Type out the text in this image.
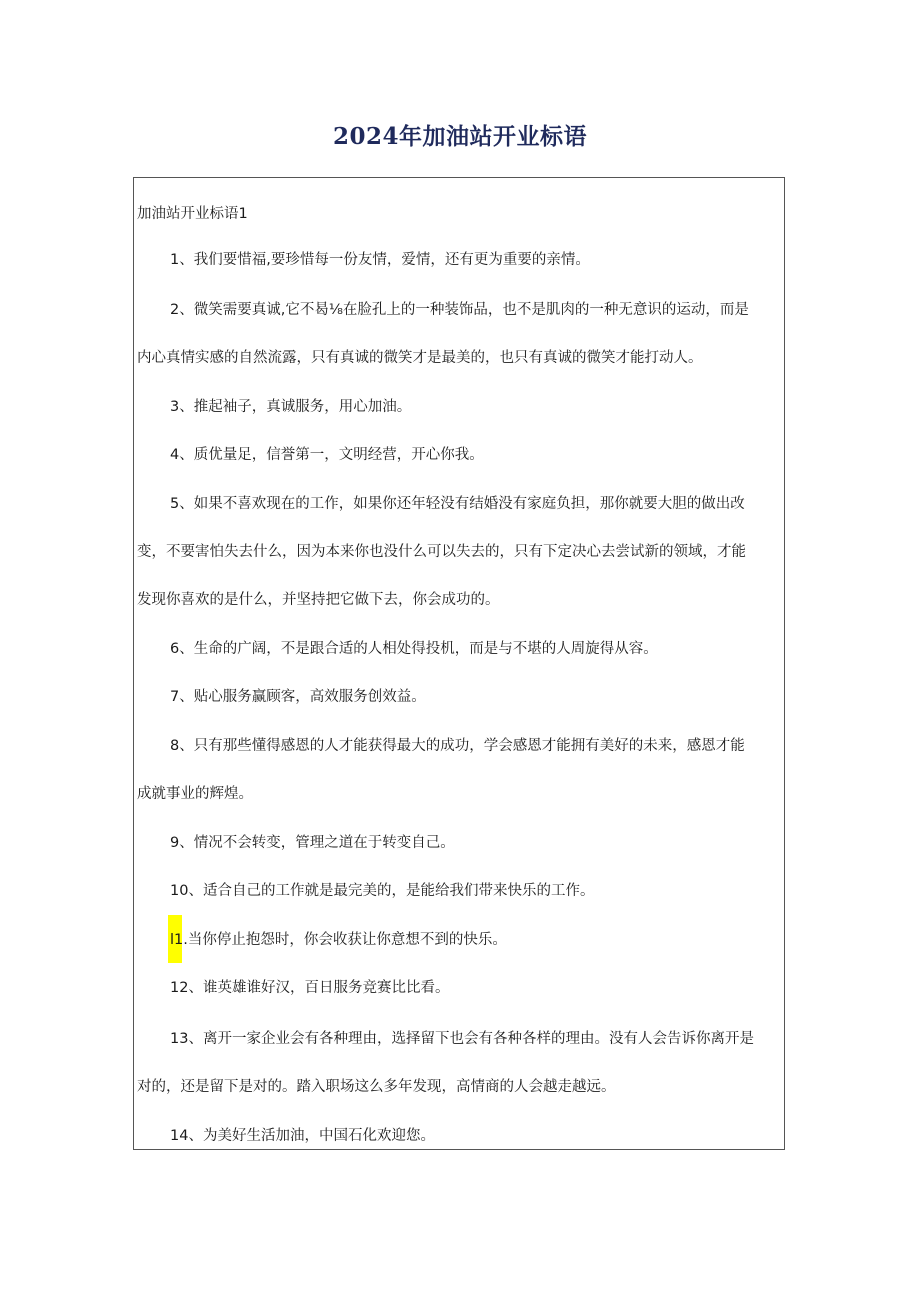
2024年加油站开业标语
加油站开业标语1
1、我们要惜福,要珍惜每一份友情，爱情，还有更为重要的亲情。
2、微笑需要真诚,它不曷⅛在脸孔上的一种装饰品，也不是肌肉的一种无意识的运动，而是
内心真情实感的自然流露，只有真诚的微笑才是最美的，也只有真诚的微笑才能打动人。
3、推起袖子，真诚服务，用心加油。
4、质优量足，信誉第一，文明经营，开心你我。
5、如果不喜欢现在的工作，如果你还年轻没有结婚没有家庭负担，那你就要大胆的做出改
变，不要害怕失去什么，因为本来你也没什么可以失去的，只有下定决心去尝试新的领域，才能
发现你喜欢的是什么，并坚持把它做下去，你会成功的。
6、生命的广阔，不是跟合适的人相处得投机，而是与不堪的人周旋得从容。
7、贴心服务赢顾客，高效服务创效益。
8、只有那些懂得感恩的人才能获得最大的成功，学会感恩才能拥有美好的未来，感恩才能
成就事业的辉煌。
9、情况不会转变，管理之道在于转变自己。
10、适合自己的工作就是最完美的，是能给我们带来快乐的工作。
l1.当你停止抱怨时，你会收获让你意想不到的快乐。
12、谁英雄谁好汉，百日服务竞赛比比看。
13、离开一家企业会有各种理由，选择留下也会有各种各样的理由。没有人会告诉你离开是
对的，还是留下是对的。踏入职场这么多年发现，高情商的人会越走越远。
14、为美好生活加油，中国石化欢迎您。
